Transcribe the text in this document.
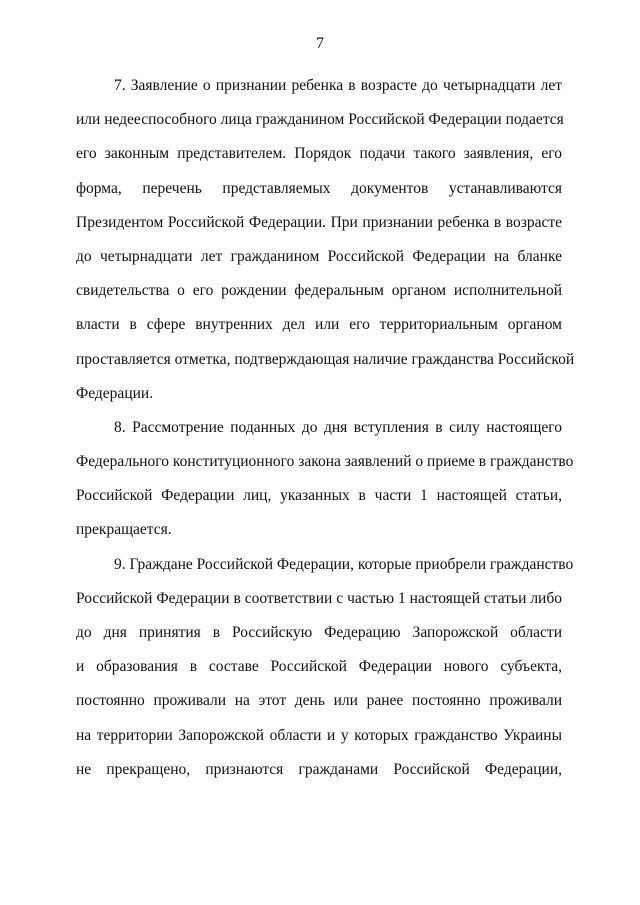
7
7. Заявление о признании ребенка в возрасте до четырнадцати лет
или недееспособного лица гражданином Российской Федерации подается
его законным представителем. Порядок подачи такого заявления, его
форма, перечень представляемых документов устанавливаются
Президентом Российской Федерации. При признании ребенка в возрасте
до четырнадцати лет гражданином Российской Федерации на бланке
свидетельства о его рождении федеральным органом исполнительной
власти в сфере внутренних дел или его территориальным органом
проставляется отметка, подтверждающая наличие гражданства Российской
Федерации.
8. Рассмотрение поданных до дня вступления в силу настоящего
Федерального конституционного закона заявлений о приеме в гражданство
Российской Федерации лиц, указанных в части 1 настоящей статьи,
прекращается.
9. Граждане Российской Федерации, которые приобрели гражданство
Российской Федерации в соответствии с частью 1 настоящей статьи либо
до дня принятия в Российскую Федерацию Запорожской области
и образования в составе Российской Федерации нового субъекта,
постоянно проживали на этот день или ранее постоянно проживали
на территории Запорожской области и у которых гражданство Украины
не прекращено, признаются гражданами Российской Федерации,
